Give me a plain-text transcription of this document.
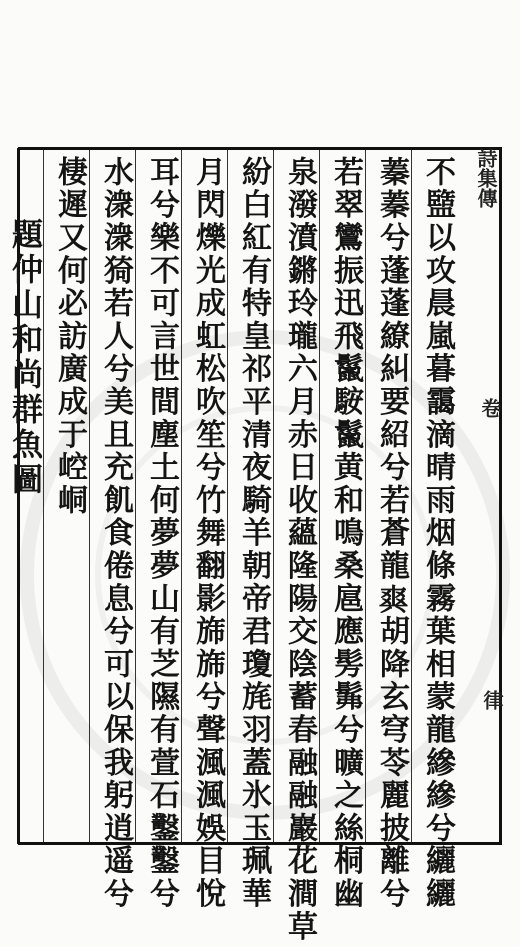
詩集傳
卷
律
不盬以攻晨嵐暮靄滴晴雨烟條霧葉相蒙龍縿縿兮纚纚
蓁蓁兮蓬蓬繚糾要紹兮若蒼龍𤕤胡降玄穹苓麗披離兮
若翠鸞振迅飛鬣𩣑鬣黄和鳴桑扈應髣髴兮曠之絲桐幽
泉潑濆鏘玲瓏六月赤日收蘊隆陽交陰蓄春融融巖花澗草
紛白紅有特皇祁平清夜騎羊朝帝君瓊旄羽蓋氷玉珮華
月閃爍光成虹松吹笙兮竹舞翻影旆旆兮聲渢渢娛目悅
耳兮樂不可言世間塵土何夢夢山有芝隰有萱石鑿鑿兮
水潨潨猗若人兮美且充飢食倦息兮可以保我躬逍遥兮
棲遲又何必訪廣成于崆峒
題仲山和尚群魚圖
